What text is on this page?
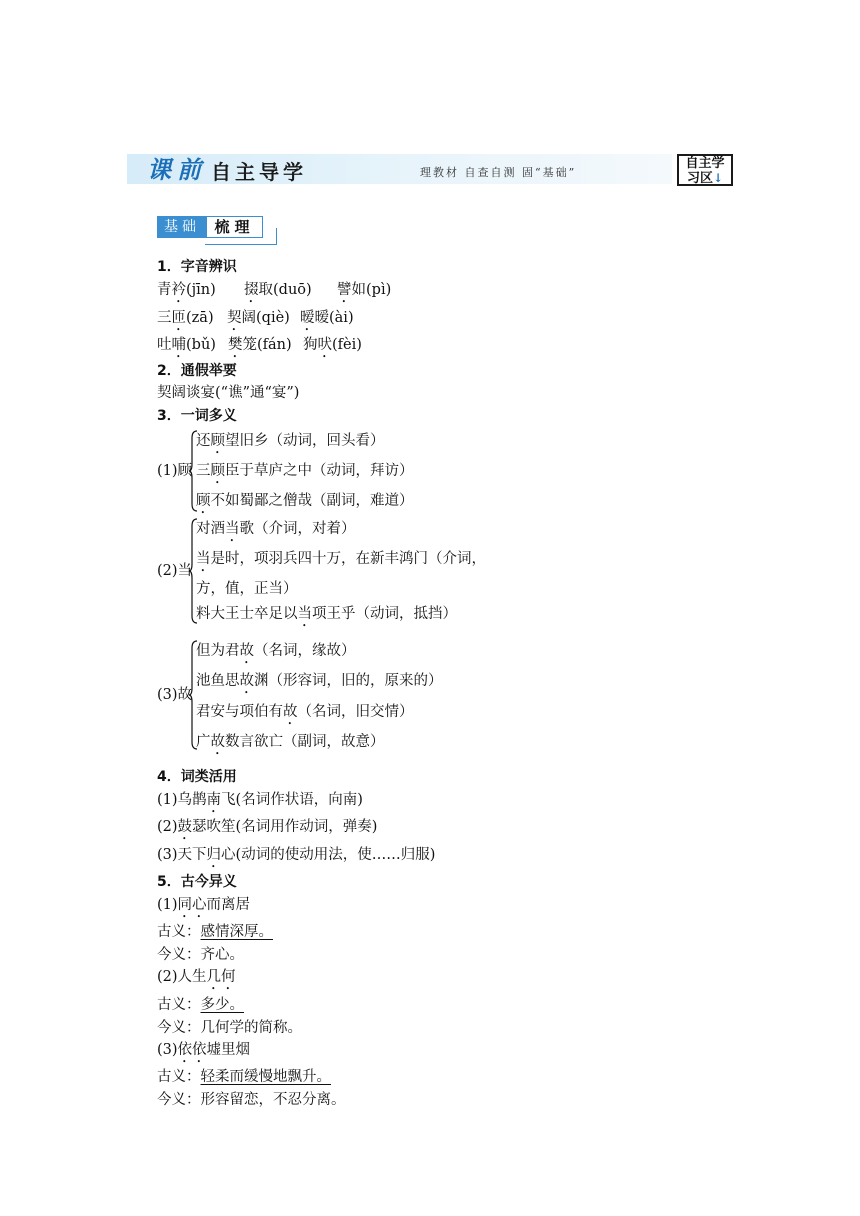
课 前 自主导学	理教材 自查自测 固“基础”
自主学
习区↓
基础 梳理
1．字音辨识
青衿(jīn) 掇取(duō) 譬如(pì)
三匝(zā) 契阔(qiè) 暧暧(ài)
吐哺(bǔ) 樊笼(fán) 狗吠(fèi)
2．通假举要
契阔谈宴(“谯”通“宴”)
3．一词多义
(1)顾
还顾望旧乡（动词，回头看）
三顾臣于草庐之中（动词，拜访）
顾不如蜀鄙之僧哉（副词，难道）
(2)当
对酒当歌（介词，对着）
当是时，项羽兵四十万，在新丰鸿门（介词，
方，值，正当）
料大王士卒足以当项王乎（动词，抵挡）
(3)故
但为君故（名词，缘故）
池鱼思故渊（形容词，旧的，原来的）
君安与项伯有故（名词，旧交情）
广故数言欲亡（副词，故意）
4．词类活用
(1)乌鹊南飞(名词作状语，向南)
(2)鼓瑟吹笙(名词用作动词，弹奏)
(3)天下归心(动词的使动用法，使……归服)
5．古今异义
(1)同心而离居
古义：感情深厚。
今义：齐心。
(2)人生几何
古义：多少。
今义：几何学的简称。
(3)依依墟里烟
古义：轻柔而缓慢地飘升。
今义：形容留恋，不忍分离。
